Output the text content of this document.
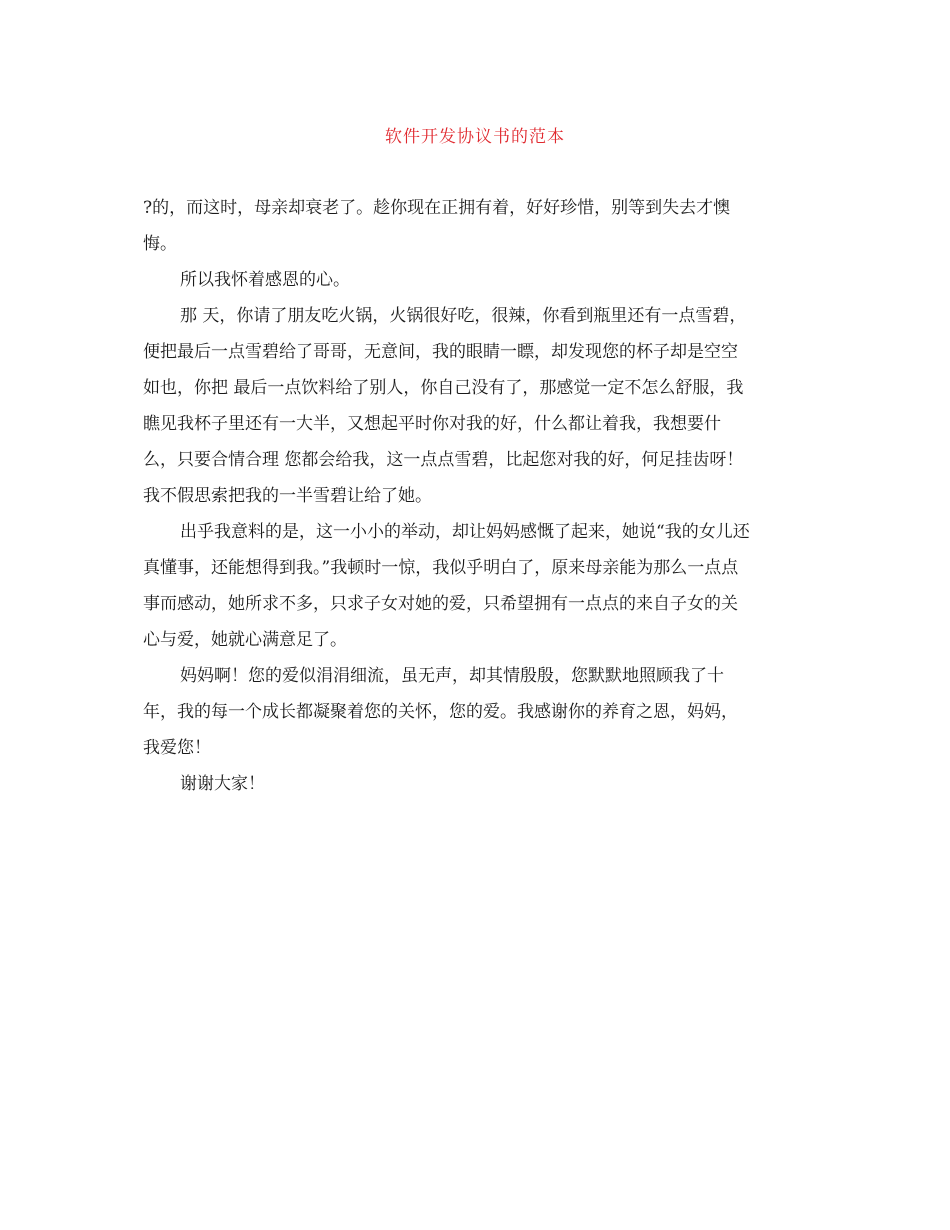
软件开发协议书的范本
?的，而这时，母亲却衰老了。趁你现在正拥有着，好好珍惜，别等到失去才懊
悔。
所以我怀着感恩的心。
那 天，你请了朋友吃火锅，火锅很好吃，很辣，你看到瓶里还有一点雪碧，
便把最后一点雪碧给了哥哥，无意间，我的眼睛一瞟，却发现您的杯子却是空空
如也，你把 最后一点饮料给了别人，你自己没有了，那感觉一定不怎么舒服，我
瞧见我杯子里还有一大半，又想起平时你对我的好，什么都让着我，我想要什
么，只要合情合理 您都会给我，这一点点雪碧，比起您对我的好，何足挂齿呀！
我不假思索把我的一半雪碧让给了她。
出乎我意料的是，这一小小的举动，却让妈妈感慨了起来，她说“我的女儿还
真懂事，还能想得到我。”我顿时一惊，我似乎明白了，原来母亲能为那么一点点
事而感动，她所求不多，只求子女对她的爱，只希望拥有一点点的来自子女的关
心与爱，她就心满意足了。
妈妈啊！您的爱似涓涓细流，虽无声，却其情殷殷，您默默地照顾我了十
年，我的每一个成长都凝聚着您的关怀，您的爱。我感谢你的养育之恩，妈妈，
我爱您！
谢谢大家！
